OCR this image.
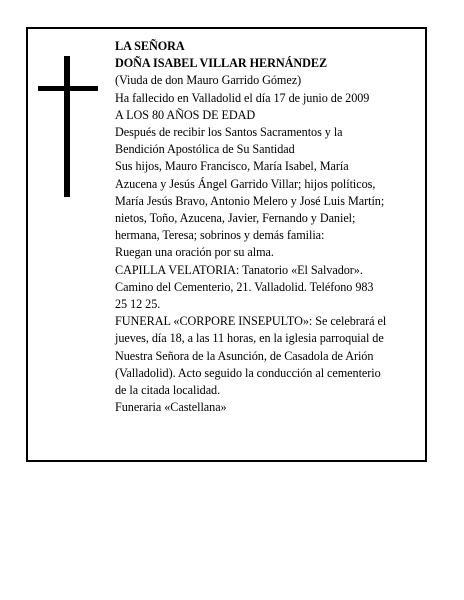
LA SEÑORA

DOÑA ISABEL VILLAR HERNÁNDEZ

(Viuda de don Mauro Garrido Gómez)

Ha fallecido en Valladolid el día 17 de junio de 2009

A LOS 80 AÑOS DE EDAD

Después de recibir los Santos Sacramentos y la

Bendición Apostólica de Su Santidad

Sus hijos, Mauro Francisco, María Isabel, María

Azucena y Jesús Ángel Garrido Villar; hijos políticos,

María Jesús Bravo, Antonio Melero y José Luis Martín;

nietos, Toño, Azucena, Javier, Fernando y Daniel;

hermana, Teresa; sobrinos y demás familia:

Ruegan una oración por su alma.

CAPILLA VELATORIA: Tanatorio «El Salvador».

Camino del Cementerio, 21. Valladolid. Teléfono 983

25 12 25.

FUNERAL «CORPORE INSEPULTO»: Se celebrará el

jueves, día 18, a las 11 horas, en la iglesia parroquial de

Nuestra Señora de la Asunción, de Casadola de Arión

(Valladolid). Acto seguido la conducción al cementerio

de la citada localidad.

Funeraria «Castellana»
